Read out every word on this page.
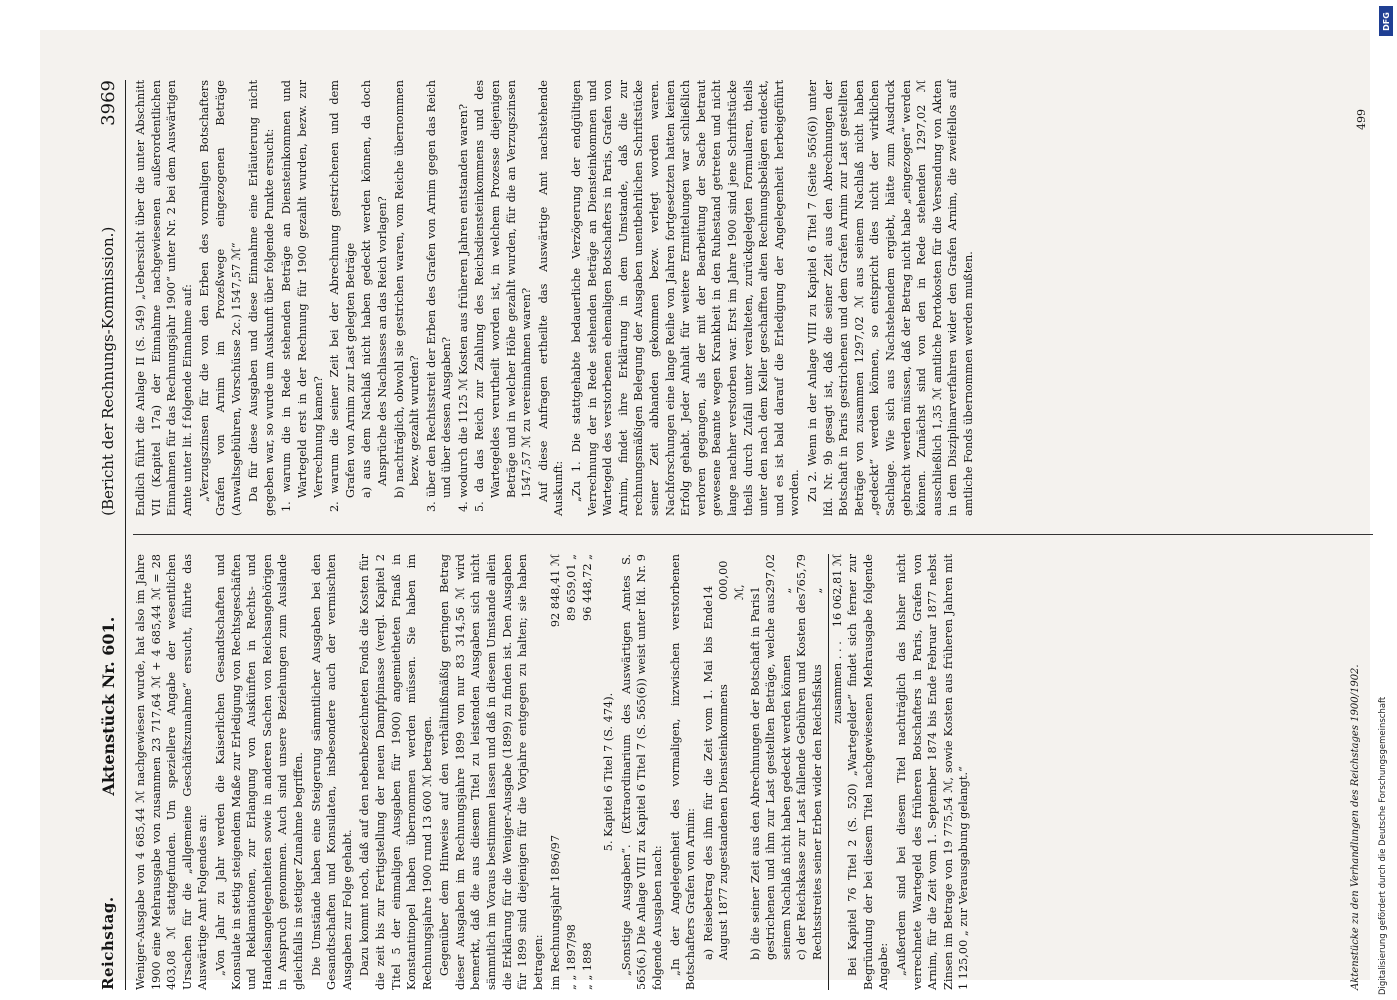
Reichstag.
Aktenstück Nr. 601.
(Bericht der Rechnungs-Kommission.)
3969

Weniger-Ausgabe von 4 685,44 ℳ nachgewiesen wurde, hat also im Jahre 1900 eine Mehrausgabe von zusammen 23 717,64 ℳ + 4 685,44 ℳ = 28 403,08 ℳ stattgefunden. Um speziellere Angabe der wesentlichen Ursachen für die „allgemeine Geschäftszunahme“ ersucht, führte das Auswärtige Amt Folgendes an: „Von Jahr zu Jahr werden die Kaiserlichen Gesandtschaften und Konsulate in stetig steigendem Maße zur Erledigung von Rechtsgeschäften und Reklamationen, zur Erlangung von Auskünften in Rechts- und Handelsangelegenheiten sowie in anderen Sachen von Reichsangehörigen in Anspruch genommen. Auch sind unsere Beziehungen zum Auslande gleichfalls in stetiger Zunahme begriffen. Die Umstände haben eine Steigerung sämmtlicher Ausgaben bei den Gesandtschaften und Konsulaten, insbesondere auch der vermischten Ausgaben zur Folge gehabt. Dazu kommt noch, daß auf den nebenbezeichneten Fonds die Kosten für die zeit bis zur Fertigstellung der neuen Dampfpinasse (vergl. Kapitel 2 Titel 5 der einmaligen Ausgaben für 1900) angemietheten Pinaß in Konstantinopel haben übernommen werden müssen. Sie haben im Rechnungsjahre 1900 rund 13 600 ℳ betragen. Gegenüber dem Hinweise auf den verhältnißmäßig geringen Betrag dieser Ausgaben im Rechnungsjahre 1899 von nur 83 314,56 ℳ wird bemerkt, daß die aus diesem Titel zu leistenden Ausgaben sich nicht sämmtlich im Voraus bestimmen lassen und daß in diesem Umstande allein die Erklärung für die Weniger-Ausgabe (1899) zu finden ist. Den Ausgaben für 1899 sind diejenigen für die Vorjahre entgegen zu halten; sie haben betragen: im Rechnungsjahr 1896/97
92 848,41 ℳ
„ „ 1897/98
89 659,01 „
„ „ 1898
96 448,72 „
5. Kapitel 6 Titel 7 (S. 474). „Sonstige Ausgaben“. (Extraordinarium des Auswärtigen Amtes S. 565(6.) Die Anlage VIII zu Kapitel 6 Titel 7 (S. 565(6)) weist unter lfd. Nr. 9 folgende Ausgaben nach: „In der Angelegenheit des vormaligen, inzwischen verstorbenen Botschafters Grafen von Arnim: a) Reisebetrag des ihm für die Zeit vom 1. Mai bis Ende August 1877 zugestandenen Diensteinkommens
14 000,00 ℳ,
b) die seiner Zeit aus den Abrechnungen der Botschaft in Paris gestrichenen und ihm zur Last gestellten Beträge, welche aus seinem Nachlaß nicht haben gedeckt werden können
1 297,02 „
c) der Reichskasse zur Last fallende Gebühren und Kosten des Rechtsstreites seiner Erben wider den Reichsfiskus
765,79 „
zusammen . . .
16 062,81 ℳ Bei Kapitel 76 Titel 2 (S. 520) „Wartegelder“ findet sich ferner zur Begründung der bei diesem Titel nachgewiesenen Mehrausgabe folgende Angabe: „Außerdem sind bei diesem Titel nachträglich das bisher nicht verrechnete Wartegeld des früheren Botschafters in Paris, Grafen von Arnim, für die Zeit vom 1. September 1874 bis Ende Februar 1877 nebst Zinsen im Betrage von 19 775,54 ℳ, sowie Kosten aus früheren Jahren mit 1 125,00 „ zur Verausgabung gelangt.“

Endlich führt die Anlage II (S. 549) „Uebersicht über die unter Abschnitt VII (Kapitel 17a) der Einnahme nachgewiesenen außerordentlichen Einnahmen für das Rechnungsjahr 1900“ unter Nr. 2 bei dem Auswärtigen Amte unter lit. f folgende Einnahme auf: „Verzugszinsen für die von den Erben des vormaligen Botschafters Grafen von Arnim im Prozeßwege eingezogenen Beträge (Anwaltsgebühren, Vorschüsse 2c.) 1547,57 ℳ“ Da für diese Ausgaben und diese Einnahme eine Erläuterung nicht gegeben war, so wurde um Auskunft über folgende Punkte ersucht: 1. warum die in Rede stehenden Beträge an Diensteinkommen und Wartegeld erst in der Rechnung für 1900 gezahlt wurden, bezw. zur Verrechnung kamen? 2. warum die seiner Zeit bei der Abrechnung gestrichenen und dem Grafen von Arnim zur Last gelegten Beträge a) aus dem Nachlaß nicht haben gedeckt werden können, da doch Ansprüche des Nachlasses an das Reich vorlagen? b) nachträglich, obwohl sie gestrichen waren, vom Reiche übernommen bezw. gezahlt wurden? 3. über den Rechtsstreit der Erben des Grafen von Arnim gegen das Reich und über dessen Ausgaben? 4. wodurch die 1125 ℳ Kosten aus früheren Jahren entstanden waren? 5. da das Reich zur Zahlung des Reichsdiensteinkommens und des Wartegeldes verurtheilt worden ist, in welchem Prozesse diejenigen Beträge und in welcher Höhe gezahlt wurden, für die an Verzugszinsen 1547,57 ℳ zu vereinnahmen waren? Auf diese Anfragen ertheilte das Auswärtige Amt nachstehende Auskunft: „Zu 1. Die stattgehabte bedauerliche Verzögerung der endgültigen Verrechnung der in Rede stehenden Beträge an Diensteinkommen und Wartegeld des verstorbenen ehemaligen Botschafters in Paris, Grafen von Arnim, findet ihre Erklärung in dem Umstande, daß die zur rechnungsmäßigen Belegung der Ausgaben unentbehrlichen Schriftstücke seiner Zeit abhanden gekommen bezw. verlegt worden waren. Nachforschungen eine lange Reihe von Jahren fortgesetzten hatten keinen Erfolg gehabt. Jeder Anhalt für weitere Ermittelungen war schließlich verloren gegangen, als der mit der Bearbeitung der Sache betraut gewesene Beamte wegen Krankheit in den Ruhestand getreten und nicht lange nachher verstorben war. Erst im Jahre 1900 sind jene Schriftstücke theils durch Zufall unter veralteten, zurückgelegten Formularen, theils unter den nach dem Keller geschafften alten Rechnungsbelägen entdeckt, und es ist bald darauf die Erledigung der Angelegenheit herbeigeführt worden. Zu 2. Wenn in der Anlage VIII zu Kapitel 6 Titel 7 (Seite 565(6)) unter lfd. Nr. 9b gesagt ist, daß die seiner Zeit aus den Abrechnungen der Botschaft in Paris gestrichenen und dem Grafen Arnim zur Last gestellten Beträge von zusammen 1297,02 ℳ aus seinem Nachlaß nicht haben „gedeckt“ werden können, so entspricht dies nicht der wirklichen Sachlage. Wie sich aus Nachstehendem ergiebt, hätte zum Ausdruck gebracht werden müssen, daß der Betrag nicht habe „eingezogen“ werden können. Zunächst sind von den in Rede stehenden 1297,02 ℳ ausschließlich 1,35 ℳ amtliche Portokosten für die Versendung von Akten in dem Disziplinarverfahren wider den Grafen Arnim, die zweifellos auf amtliche Fonds übernommen werden mußten.

Aktenstücke zu den Verhandlungen des Reichstages 1900/1902.
499
DFG
Digitalisierung gefördert durch die Deutsche Forschungsgemeinschaft
